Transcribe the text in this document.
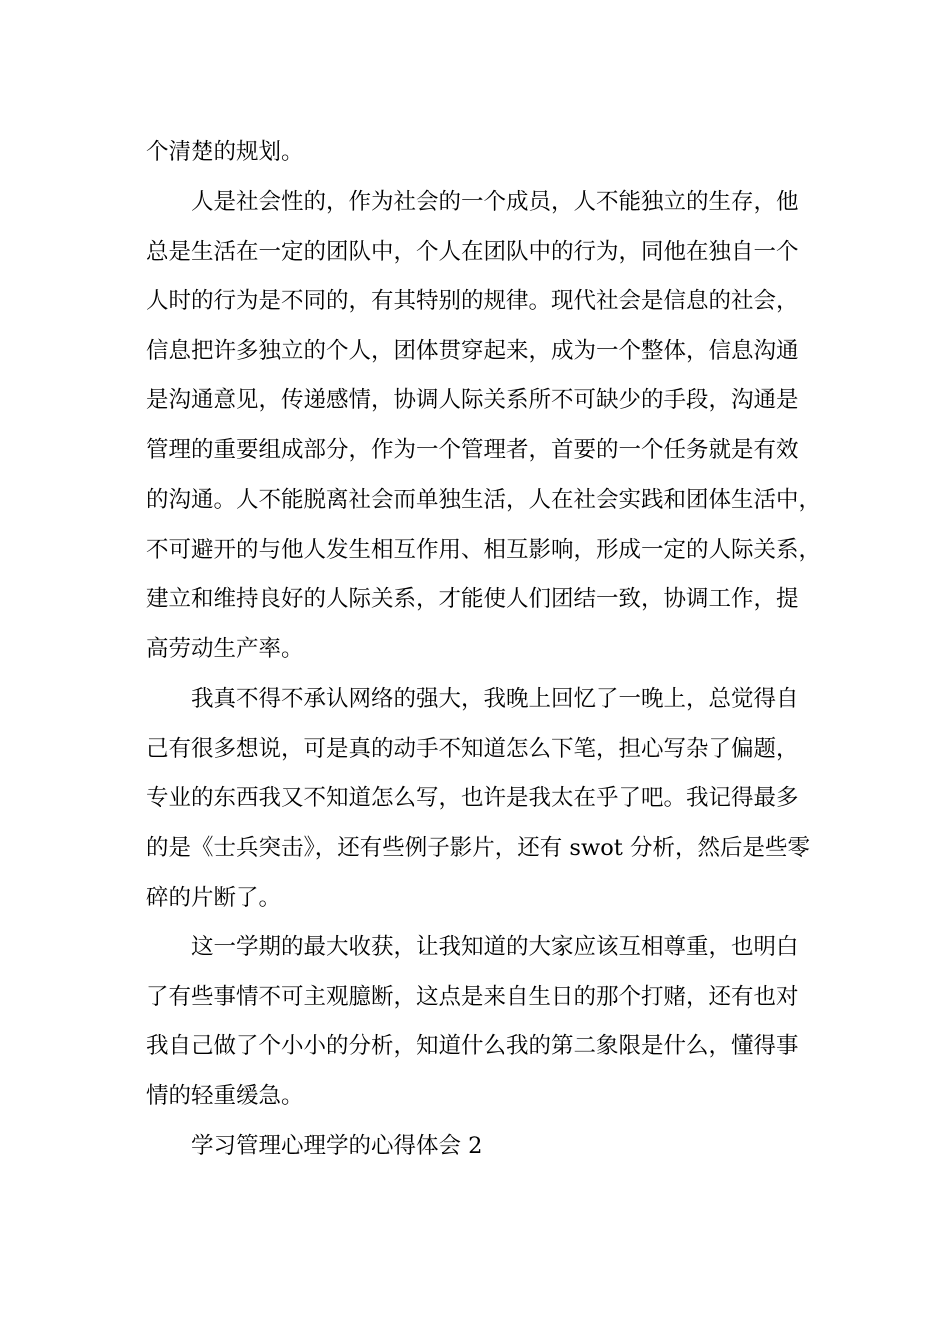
个清楚的规划。

人是社会性的，作为社会的一个成员，人不能独立的生存，他

总是生活在一定的团队中，个人在团队中的行为，同他在独自一个

人时的行为是不同的，有其特别的规律。现代社会是信息的社会，

信息把许多独立的个人，团体贯穿起来，成为一个整体，信息沟通

是沟通意见，传递感情，协调人际关系所不可缺少的手段，沟通是

管理的重要组成部分，作为一个管理者，首要的一个任务就是有效

的沟通。人不能脱离社会而单独生活，人在社会实践和团体生活中，

不可避开的与他人发生相互作用、相互影响，形成一定的人际关系，

建立和维持良好的人际关系，才能使人们团结一致，协调工作，提

高劳动生产率。

我真不得不承认网络的强大，我晚上回忆了一晚上，总觉得自

己有很多想说，可是真的动手不知道怎么下笔，担心写杂了偏题，

专业的东西我又不知道怎么写，也许是我太在乎了吧。我记得最多

的是《士兵突击》，还有些例子影片，还有 swot 分析，然后是些零

碎的片断了。

这一学期的最大收获，让我知道的大家应该互相尊重，也明白

了有些事情不可主观臆断，这点是来自生日的那个打赌，还有也对

我自己做了个小小的分析，知道什么我的第二象限是什么，懂得事

情的轻重缓急。

学习管理心理学的心得体会 2
